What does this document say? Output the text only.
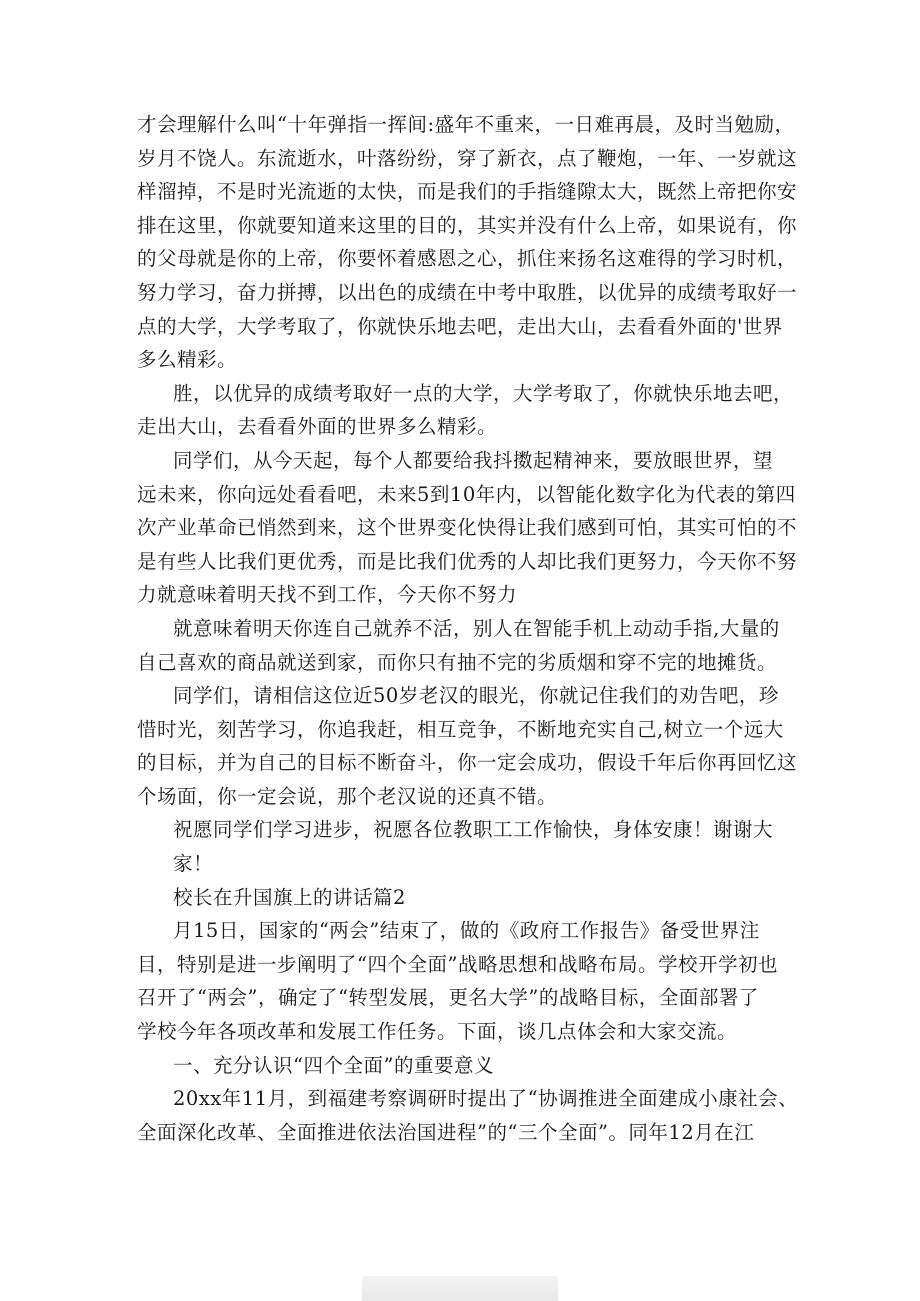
才会理解什么叫“十年弹指一挥间:盛年不重来，一日难再晨，及时当勉励，
岁月不饶人。东流逝水，叶落纷纷，穿了新衣，点了鞭炮，一年、一岁就这
样溜掉，不是时光流逝的太快，而是我们的手指缝隙太大，既然上帝把你安
排在这里，你就要知道来这里的目的，其实并没有什么上帝，如果说有，你
的父母就是你的上帝，你要怀着感恩之心，抓住来扬名这难得的学习时机，
努力学习，奋力拼搏，以出色的成绩在中考中取胜，以优异的成绩考取好一
点的大学，大学考取了，你就快乐地去吧，走出大山，去看看外面的'世界
多么精彩。
胜，以优异的成绩考取好一点的大学，大学考取了，你就快乐地去吧，
走出大山，去看看外面的世界多么精彩。
同学们，从今天起，每个人都要给我抖擞起精神来，要放眼世界，望
远未来，你向远处看看吧，未来5到10年内，以智能化数字化为代表的第四
次产业革命已悄然到来，这个世界变化快得让我们感到可怕，其实可怕的不
是有些人比我们更优秀，而是比我们优秀的人却比我们更努力，今天你不努
力就意味着明天找不到工作，今天你不努力
就意味着明天你连自己就养不活，别人在智能手机上动动手指,大量的
自己喜欢的商品就送到家，而你只有抽不完的劣质烟和穿不完的地摊货。
同学们，请相信这位近50岁老汉的眼光，你就记住我们的劝告吧，珍
惜时光，刻苦学习，你追我赶，相互竞争，不断地充实自己,树立一个远大
的目标，并为自己的目标不断奋斗，你一定会成功，假设千年后你再回忆这
个场面，你一定会说，那个老汉说的还真不错。
祝愿同学们学习进步，祝愿各位教职工工作愉快，身体安康！谢谢大
家！
校长在升国旗上的讲话篇2
月15日，国家的“两会”结束了，做的《政府工作报告》备受世界注
目，特别是进一步阐明了“四个全面”战略思想和战略布局。学校开学初也
召开了“两会”，确定了“转型发展，更名大学”的战略目标，全面部署了
学校今年各项改革和发展工作任务。下面，谈几点体会和大家交流。
一、充分认识“四个全面”的重要意义
20xx年11月，到福建考察调研时提出了“协调推进全面建成小康社会、
全面深化改革、全面推进依法治国进程”的“三个全面”。同年12月在江
